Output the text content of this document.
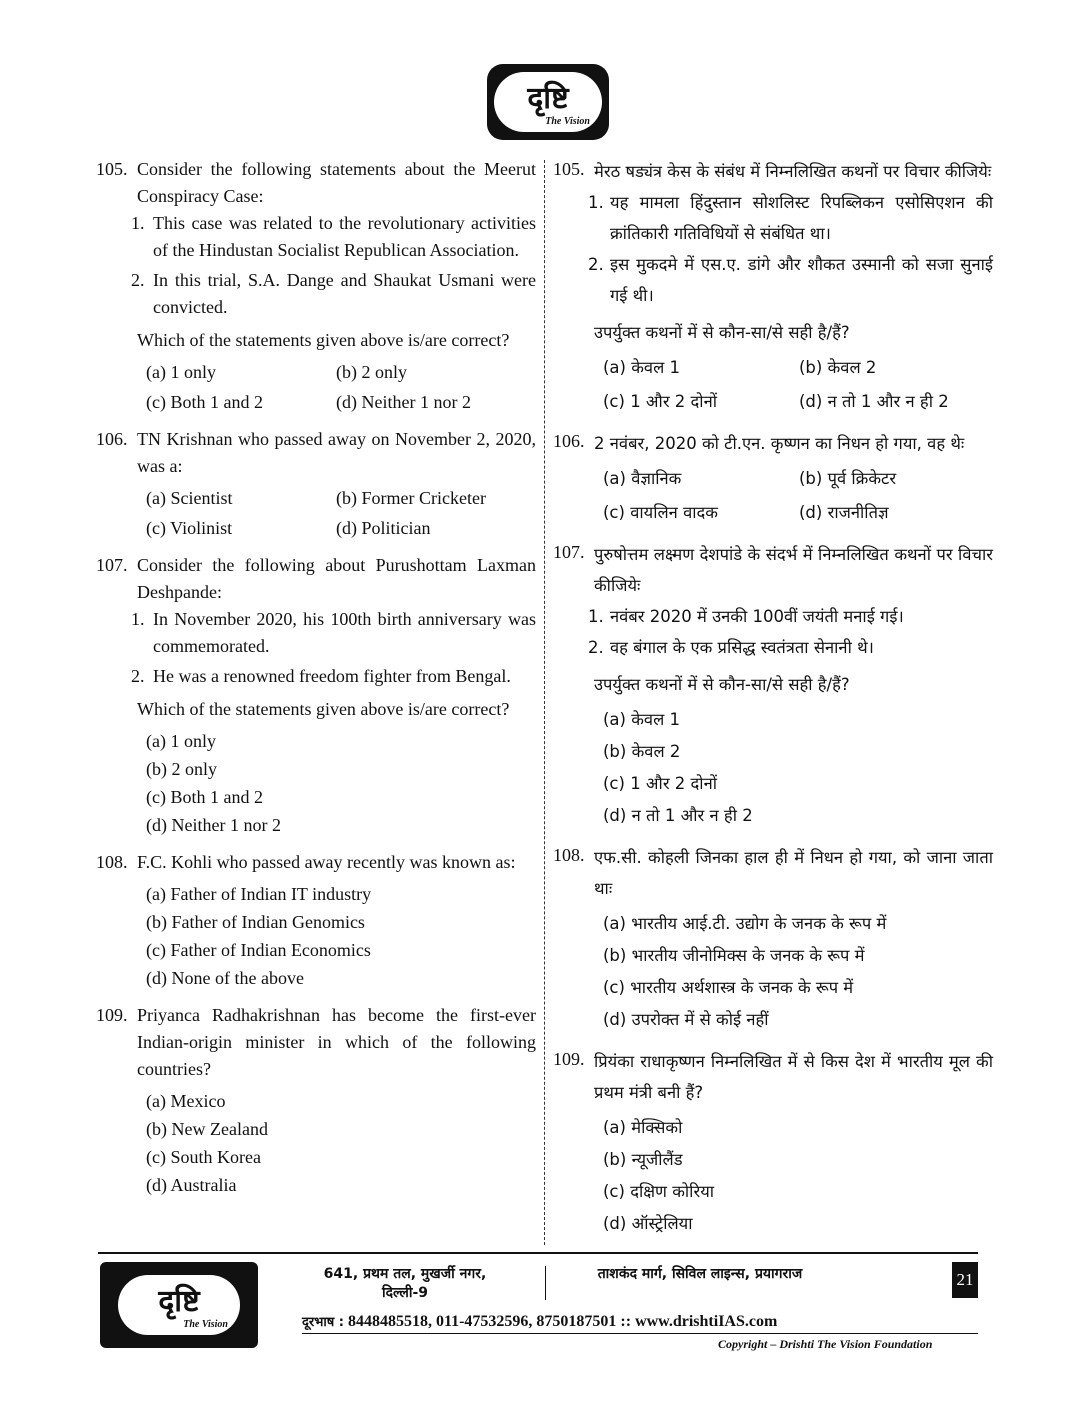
दृष्टि
The Vision
105. Consider the following statements about the Meerut Conspiracy Case:
1. This case was related to the revolutionary activities of the Hindustan Socialist Republican Association.
2. In this trial, S.A. Dange and Shaukat Usmani were convicted.
Which of the statements given above is/are correct?
(a) 1 only	(b) 2 only
(c) Both 1 and 2	(d) Neither 1 nor 2
106. TN Krishnan who passed away on November 2, 2020, was a:
(a) Scientist	(b) Former Cricketer
(c) Violinist	(d) Politician
107. Consider the following about Purushottam Laxman Deshpande:
1. In November 2020, his 100th birth anniversary was commemorated.
2. He was a renowned freedom fighter from Bengal.
Which of the statements given above is/are correct?
(a) 1 only
(b) 2 only
(c) Both 1 and 2
(d) Neither 1 nor 2
108. F.C. Kohli who passed away recently was known as:
(a) Father of Indian IT industry
(b) Father of Indian Genomics
(c) Father of Indian Economics
(d) None of the above
109. Priyanca Radhakrishnan has become the first-ever Indian-origin minister in which of the following countries?
(a) Mexico
(b) New Zealand
(c) South Korea
(d) Australia
105. मेरठ षड्यंत्र केस के संबंध में निम्नलिखित कथनों पर विचार कीजियेः
1. यह मामला हिंदुस्तान सोशलिस्ट रिपब्लिकन एसोसिएशन की क्रांतिकारी गतिविधियों से संबंधित था।
2. इस मुकदमे में एस.ए. डांगे और शौकत उस्मानी को सजा सुनाई गई थी।
उपर्युक्त कथनों में से कौन-सा/से सही है/हैं?
(a) केवल 1	(b) केवल 2
(c) 1 और 2 दोनों	(d) न तो 1 और न ही 2
106. 2 नवंबर, 2020 को टी.एन. कृष्णन का निधन हो गया, वह थेः
(a) वैज्ञानिक	(b) पूर्व क्रिकेटर
(c) वायलिन वादक	(d) राजनीतिज्ञ
107. पुरुषोत्तम लक्ष्मण देशपांडे के संदर्भ में निम्नलिखित कथनों पर विचार कीजियेः
1. नवंबर 2020 में उनकी 100वीं जयंती मनाई गई।
2. वह बंगाल के एक प्रसिद्ध स्वतंत्रता सेनानी थे।
उपर्युक्त कथनों में से कौन-सा/से सही है/हैं?
(a) केवल 1
(b) केवल 2
(c) 1 और 2 दोनों
(d) न तो 1 और न ही 2
108. एफ.सी. कोहली जिनका हाल ही में निधन हो गया, को जाना जाता थाः
(a) भारतीय आई.टी. उद्योग के जनक के रूप में
(b) भारतीय जीनोमिक्स के जनक के रूप में
(c) भारतीय अर्थशास्त्र के जनक के रूप में
(d) उपरोक्त में से कोई नहीं
109. प्रियंका राधाकृष्णन निम्नलिखित में से किस देश में भारतीय मूल की प्रथम मंत्री बनी हैं?
(a) मेक्सिको
(b) न्यूजीलैंड
(c) दक्षिण कोरिया
(d) ऑस्ट्रेलिया
दृष्टि
The Vision
641, प्रथम तल, मुखर्जी नगर, दिल्ली-9
ताशकंद मार्ग, सिविल लाइन्स, प्रयागराज	21
दूरभाष : 8448485518, 011-47532596, 8750187501 :: www.drishtiIAS.com
Copyright – Drishti The Vision Foundation
